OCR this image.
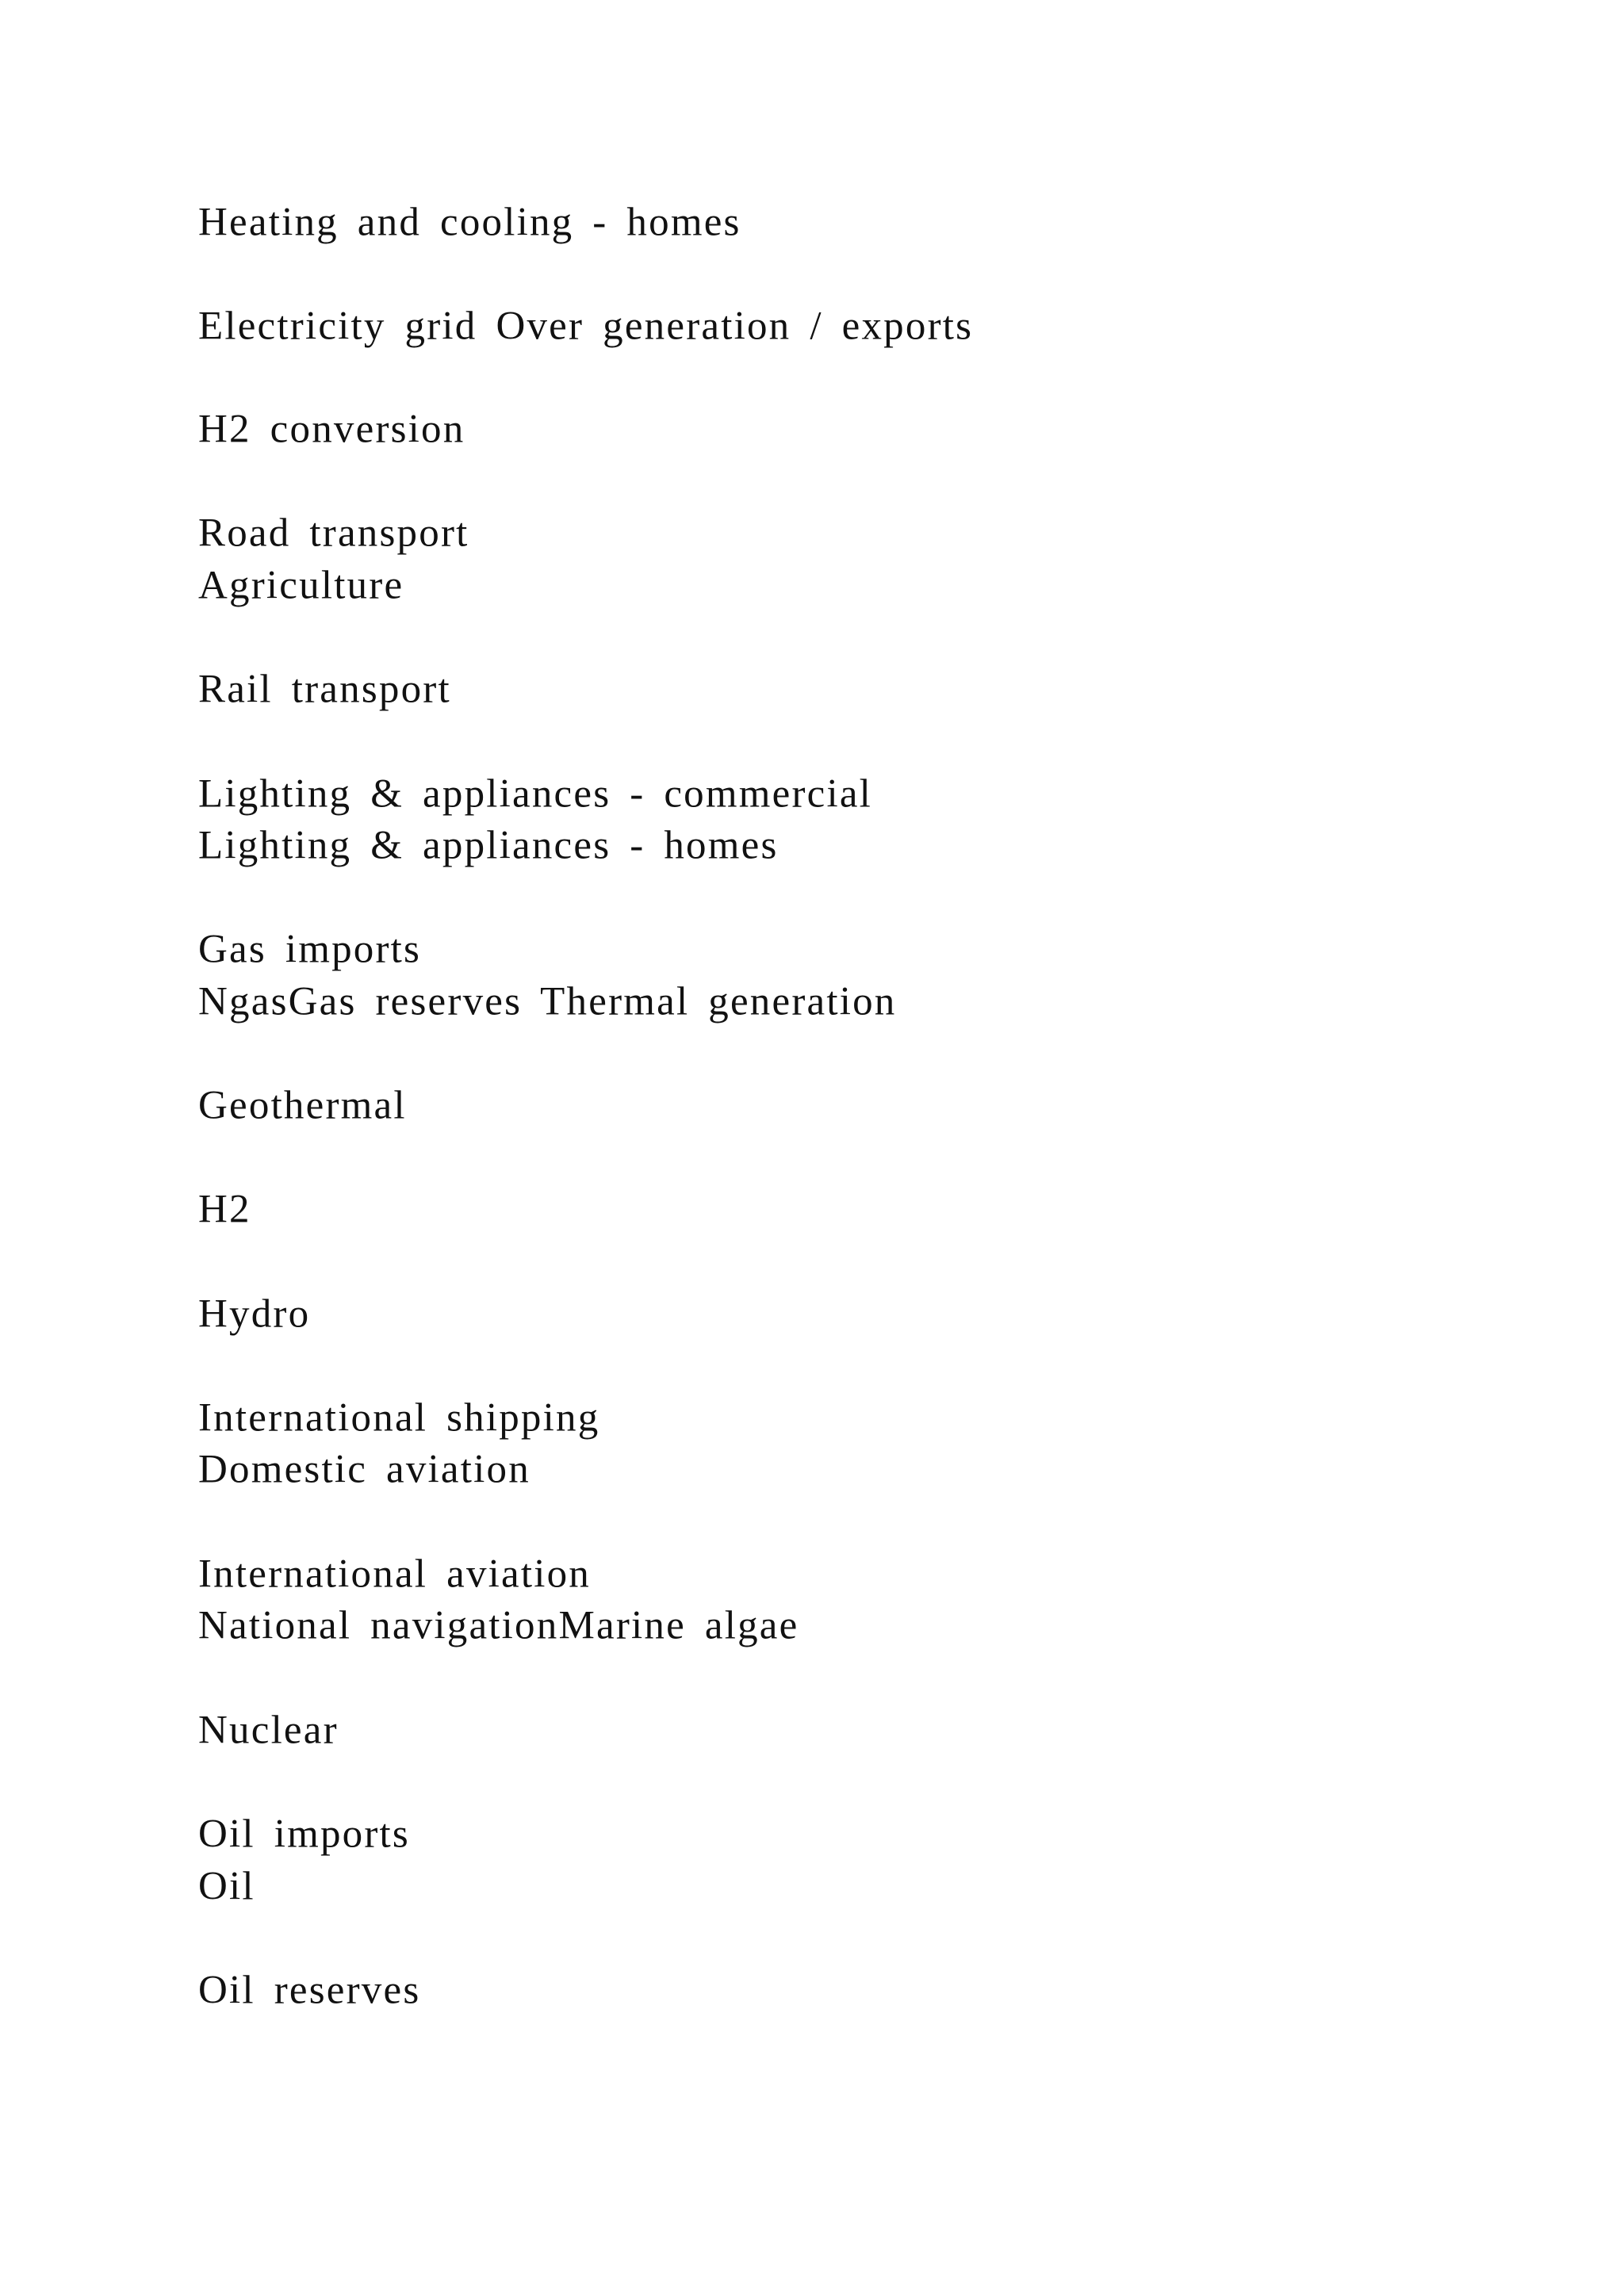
Heating and cooling - homes
Electricity grid Over generation / exports
H2 conversion
Road transport
Agriculture
Rail transport
Lighting & appliances - commercial
Lighting & appliances - homes
Gas imports
NgasGas reserves Thermal generation
Geothermal
H2
Hydro
International shipping
Domestic aviation
International aviation
National navigationMarine algae
Nuclear
Oil imports
Oil
Oil reserves
